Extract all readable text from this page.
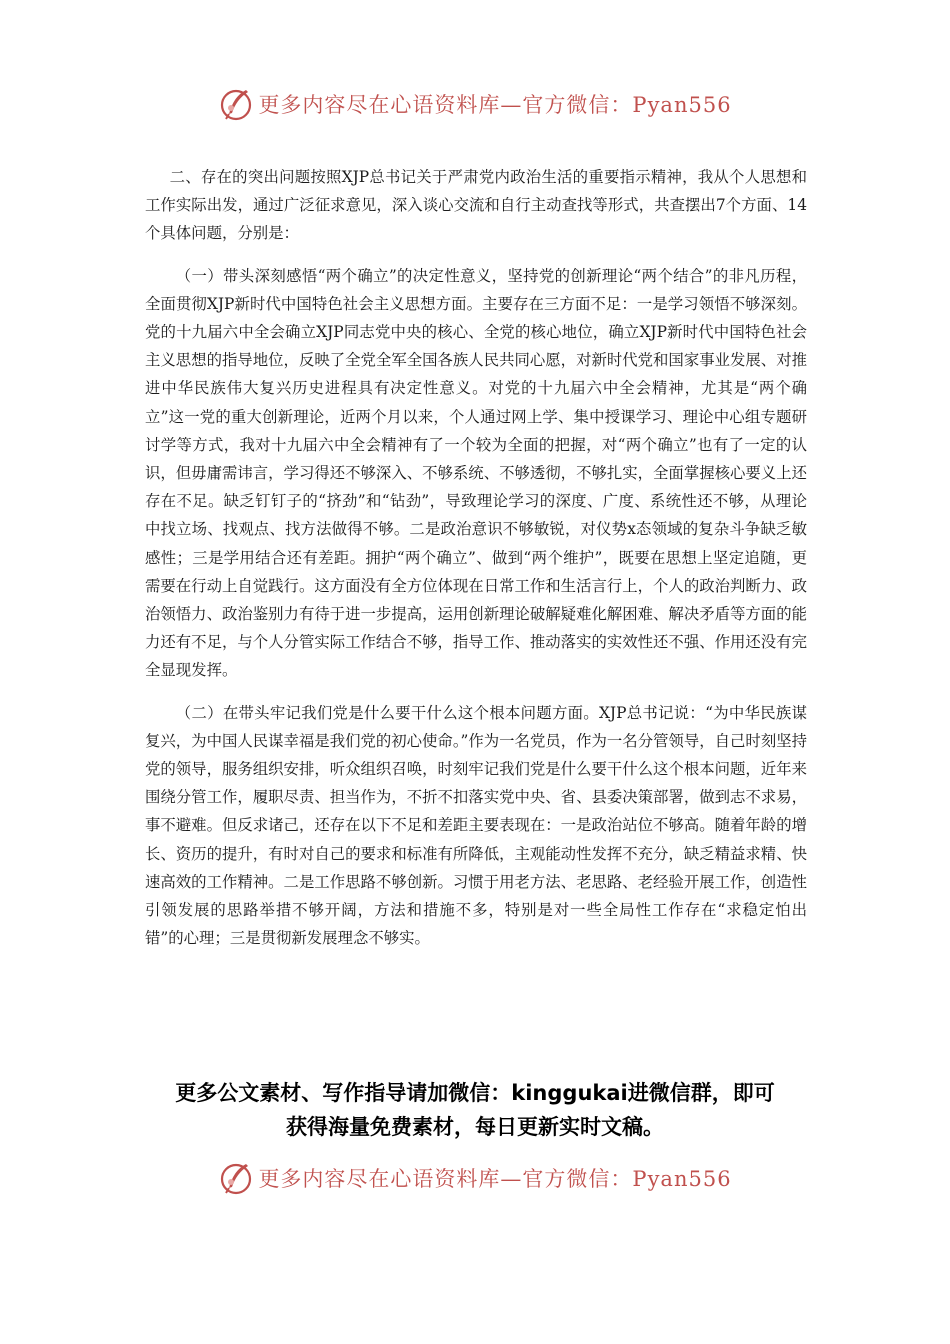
更多内容尽在心语资料库—官方微信：Pyan556

二、存在的突出问题按照XJP总书记关于严肃党内政治生活的重要指示精神，我从个人思想和工作实际出发，通过广泛征求意见，深入谈心交流和自行主动查找等形式，共查摆出7个方面、14个具体问题，分别是：

（一）带头深刻感悟“两个确立”的决定性意义，坚持党的创新理论“两个结合”的非凡历程，全面贯彻XJP新时代中国特色社会主义思想方面。主要存在三方面不足：一是学习领悟不够深刻。党的十九届六中全会确立XJP同志党中央的核心、全党的核心地位，确立XJP新时代中国特色社会主义思想的指导地位，反映了全党全军全国各族人民共同心愿，对新时代党和国家事业发展、对推进中华民族伟大复兴历史进程具有决定性意义。对党的十九届六中全会精神，尤其是“两个确立”这一党的重大创新理论，近两个月以来，个人通过网上学、集中授课学习、理论中心组专题研讨学等方式，我对十九届六中全会精神有了一个较为全面的把握，对“两个确立”也有了一定的认识，但毋庸需讳言，学习得还不够深入、不够系统、不够透彻，不够扎实，全面掌握核心要义上还存在不足。缺乏钉钉子的“挤劲”和“钻劲”，导致理论学习的深度、广度、系统性还不够，从理论中找立场、找观点、找方法做得不够。二是政治意识不够敏锐，对仪势x态领域的复杂斗争缺乏敏感性；三是学用结合还有差距。拥护“两个确立”、做到“两个维护”，既要在思想上坚定追随，更需要在行动上自觉践行。这方面没有全方位体现在日常工作和生活言行上，个人的政治判断力、政治领悟力、政治鉴别力有待于进一步提高，运用创新理论破解疑难化解困难、解决矛盾等方面的能力还有不足，与个人分管实际工作结合不够，指导工作、推动落实的实效性还不强、作用还没有完全显现发挥。

（二）在带头牢记我们党是什么要干什么这个根本问题方面。XJP总书记说：“为中华民族谋复兴，为中国人民谋幸福是我们党的初心使命。”作为一名党员，作为一名分管领导，自己时刻坚持党的领导，服务组织安排，听众组织召唤，时刻牢记我们党是什么要干什么这个根本问题，近年来围绕分管工作，履职尽责、担当作为，不折不扣落实党中央、省、县委决策部署，做到志不求易，事不避难。但反求诸己，还存在以下不足和差距主要表现在：一是政治站位不够高。随着年龄的增长、资历的提升，有时对自己的要求和标准有所降低，主观能动性发挥不充分，缺乏精益求精、快速高效的工作精神。二是工作思路不够创新。习惯于用老方法、老思路、老经验开展工作，创造性引领发展的思路举措不够开阔，方法和措施不多，特别是对一些全局性工作存在“求稳定怕出错”的心理；三是贯彻新发展理念不够实。

更多公文素材、写作指导请加微信：kinggukai进微信群，即可
获得海量免费素材，每日更新实时文稿。
更多内容尽在心语资料库—官方微信：Pyan556
